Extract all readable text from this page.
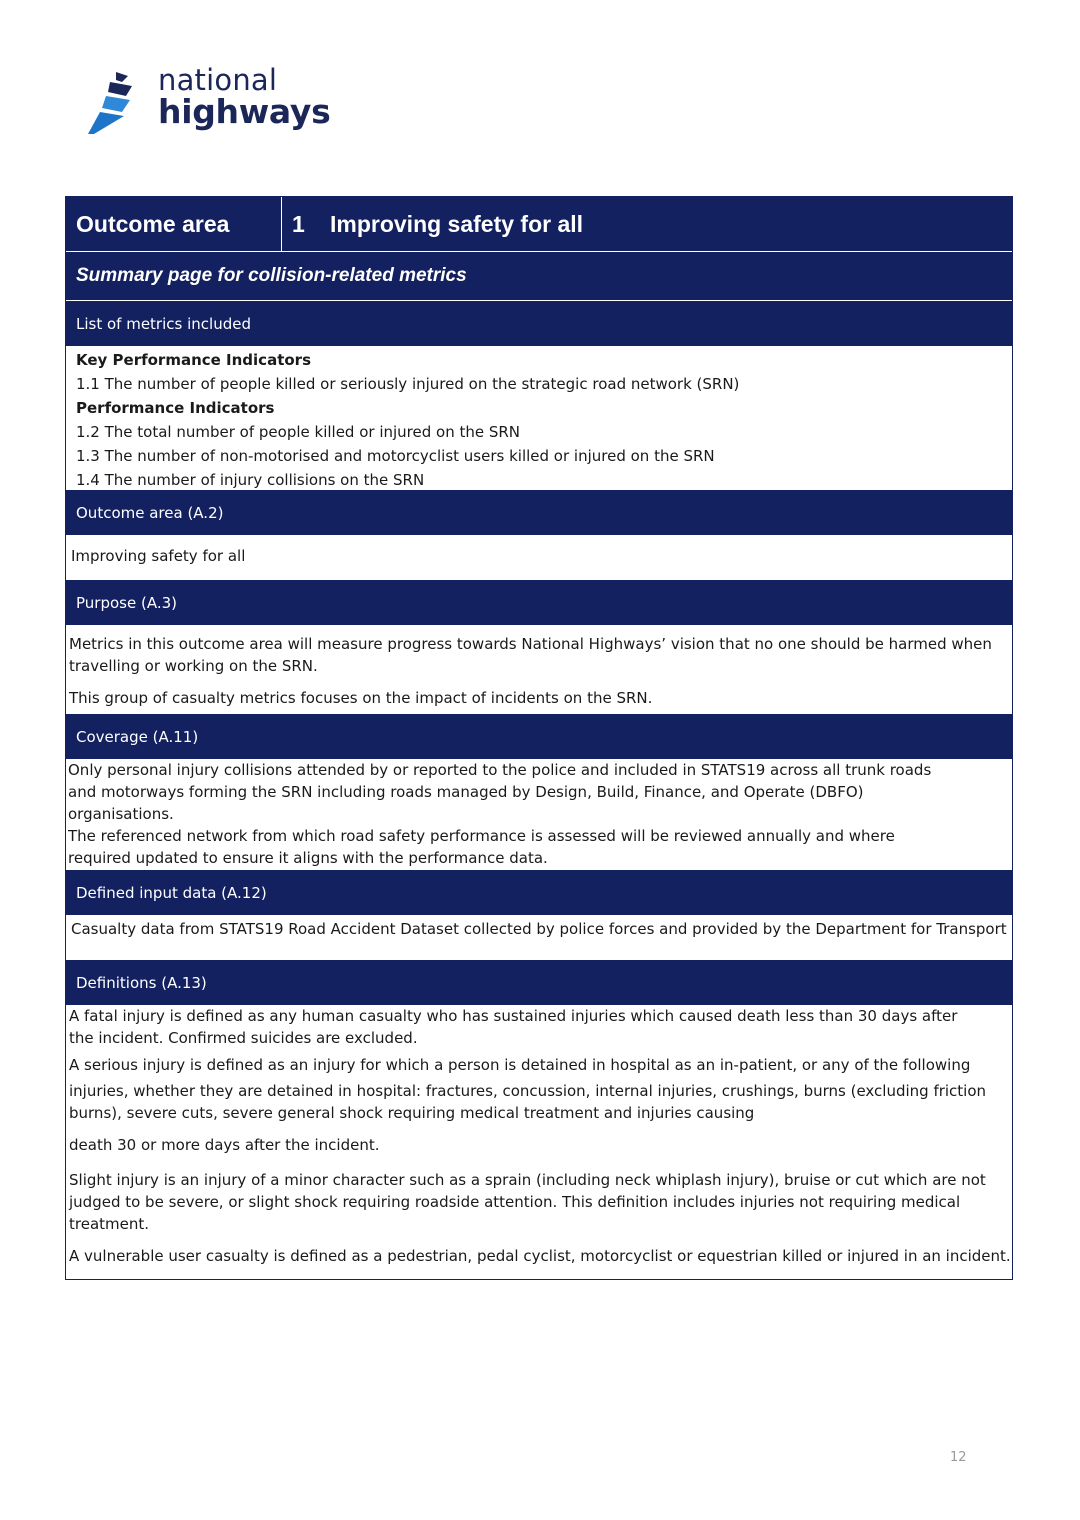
national
highways
Outcome area	1	Improving safety for all
Summary page for collision-related metrics
List of metrics included

Key Performance Indicators

1.1 The number of people killed or seriously injured on the strategic road network (SRN)

Performance Indicators

1.2 The total number of people killed or injured on the SRN

1.3 The number of non-motorised and motorcyclist users killed or injured on the SRN

1.4 The number of injury collisions on the SRN

Outcome area (A.2)

Improving safety for all

Purpose (A.3)

Metrics in this outcome area will measure progress towards National Highways’ vision that no one should be harmed when

travelling or working on the SRN.

This group of casualty metrics focuses on the impact of incidents on the SRN.

Coverage (A.11)

Only personal injury collisions attended by or reported to the police and included in STATS19 across all trunk roads

and motorways forming the SRN including roads managed by Design, Build, Finance, and Operate (DBFO)

organisations.

The referenced network from which road safety performance is assessed will be reviewed annually and where

required updated to ensure it aligns with the performance data.

Defined input data (A.12)

Casualty data from STATS19 Road Accident Dataset collected by police forces and provided by the Department for Transport

Definitions (A.13)

A fatal injury is defined as any human casualty who has sustained injuries which caused death less than 30 days after

the incident. Confirmed suicides are excluded.

A serious injury is defined as an injury for which a person is detained in hospital as an in-patient, or any of the following

injuries, whether they are detained in hospital: fractures, concussion, internal injuries, crushings, burns (excluding friction

burns), severe cuts, severe general shock requiring medical treatment and injuries causing

death 30 or more days after the incident.

Slight injury is an injury of a minor character such as a sprain (including neck whiplash injury), bruise or cut which are not

judged to be severe, or slight shock requiring roadside attention. This definition includes injuries not requiring medical

treatment.

A vulnerable user casualty is defined as a pedestrian, pedal cyclist, motorcyclist or equestrian killed or injured in an incident.

12
